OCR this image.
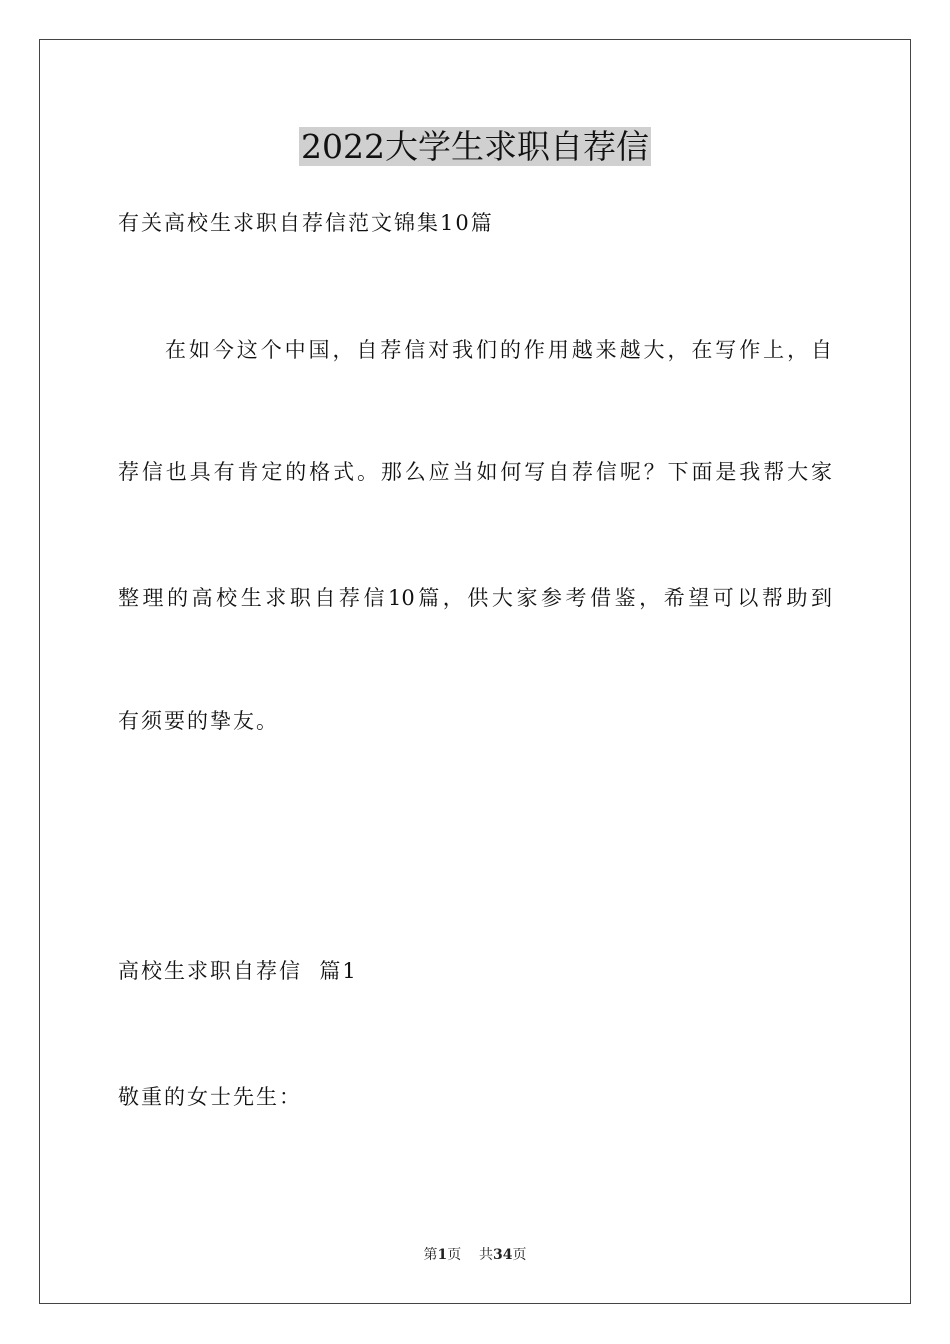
2022大学生求职自荐信
有关高校生求职自荐信范文锦集10篇
在如今这个中国，自荐信对我们的作用越来越大，在写作上，自
荐信也具有肯定的格式。那么应当如何写自荐信呢？下面是我帮大家
整理的高校生求职自荐信10篇，供大家参考借鉴，希望可以帮助到
有须要的挚友。
高校生求职自荐信  篇1
敬重的女士先生：
第1页 共34页
